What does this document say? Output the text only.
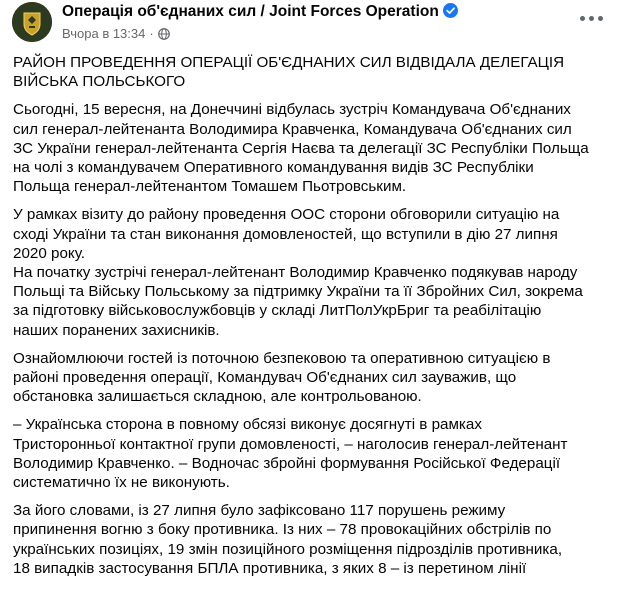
Операція об'єднаних сил / Joint Forces Operation
Вчора в 13:34 ·

РАЙОН ПРОВЕДЕННЯ ОПЕРАЦІЇ ОБ'ЄДНАНИХ СИЛ ВІДВІДАЛА ДЕЛЕГАЦІЯ
ВІЙСЬКА ПОЛЬСЬКОГО

Сьогодні, 15 вересня, на Донеччині відбулась зустріч Командувача Об'єднаних
сил генерал-лейтенанта Володимира Кравченка, Командувача Об'єднаних сил
ЗС України генерал-лейтенанта Сергія Наєва та делегації ЗС Республіки Польща
на чолі з командувачем Оперативного командування видів ЗС Республіки
Польща генерал-лейтенантом Томашем Пьотровським.

У рамках візиту до району проведення ООС сторони обговорили ситуацію на
сході України та стан виконання домовленостей, що вступили в дію 27 липня
2020 року.

На початку зустрічі генерал-лейтенант Володимир Кравченко подякував народу
Польщі та Війську Польському за підтримку України та її Збройних Сил, зокрема
за підготовку військовослужбовців у складі ЛитПолУкрБриг та реабілітацію
наших поранених захисників.

Ознайомлюючи гостей із поточною безпековою та оперативною ситуацією в
районі проведення операції, Командувач Об'єднаних сил зауважив, що
обстановка залишається складною, але контрольованою.

– Українська сторона в повному обсязі виконує досягнуті в рамках
Тристоронньої контактної групи домовленості, – наголосив генерал-лейтенант
Володимир Кравченко. – Водночас збройні формування Російської Федерації
систематично їх не виконують.

За його словами, із 27 липня було зафіксовано 117 порушень режиму
припинення вогню з боку противника. Із них – 78 провокаційних обстрілів по
українських позиціях, 19 змін позиційного розміщення підрозділів противника,
18 випадків застосування БПЛА противника, з яких 8 – із перетином лінії
